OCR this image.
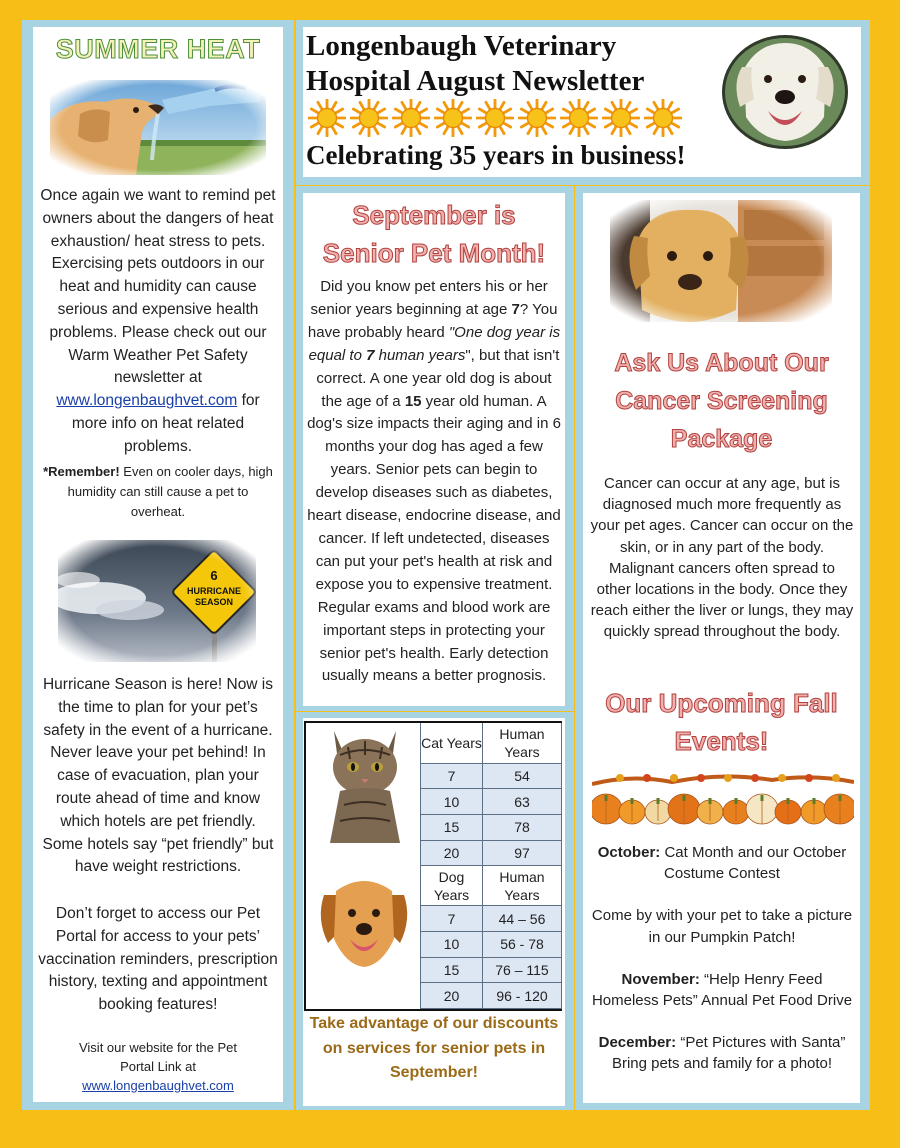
SUMMER HEAT
Once again we want to remind pet owners about the dangers of heat exhaustion/ heat stress to pets. Exercising pets outdoors in our heat and humidity can cause serious and expensive health problems. Please check out our Warm Weather Pet Safety newsletter at www.longenbaughvet.com for more info on heat related problems.
*Remember! Even on cooler days, high humidity can still cause a pet to overheat.
Hurricane Season is here! Now is the time to plan for your pet’s safety in the event of a hurricane. Never leave your pet behind! In case of evacuation, plan your route ahead of time and know which hotels are pet friendly. Some hotels say “pet friendly” but have weight restrictions.
Don’t forget to access our Pet Portal for access to your pets’ vaccination reminders, prescription history, texting and appointment booking features!
Visit our website for the Pet Portal Link at
www.longenbaughvet.com
Longenbaugh Veterinary Hospital August Newsletter
Celebrating 35 years in business!
September is
Senior Pet Month!
Did you know pet enters his or her senior years beginning at age 7? You have probably heard "One dog year is equal to 7 human years", but that isn't correct. A one year old dog is about the age of a 15 year old human. A dog's size impacts their aging and in 6 months your dog has aged a few years. Senior pets can begin to develop diseases such as diabetes, heart disease, endocrine disease, and cancer. If left undetected, diseases can put your pet's health at risk and expose you to expensive treatment. Regular exams and blood work are important steps in protecting your senior pet's health. Early detection usually means a better prognosis.
Cat Years	Human Years
7	54
10	63
15	78
20	97
Dog Years	Human Years
7	44 – 56
10	56 - 78
15	76 – 115
20	96 - 120
Take advantage of our discounts on services for senior pets in September!
Ask Us About Our
Cancer Screening
Package
Cancer can occur at any age, but is diagnosed much more frequently as your pet ages. Cancer can occur on the skin, or in any part of the body. Malignant cancers often spread to other locations in the body. Once they reach either the liver or lungs, they may quickly spread throughout the body.
Our Upcoming Fall
Events!
October: Cat Month and our October Costume Contest
Come by with your pet to take a picture in our Pumpkin Patch!
November: “Help Henry Feed Homeless Pets” Annual Pet Food Drive
December: “Pet Pictures with Santa” Bring pets and family for a photo!
